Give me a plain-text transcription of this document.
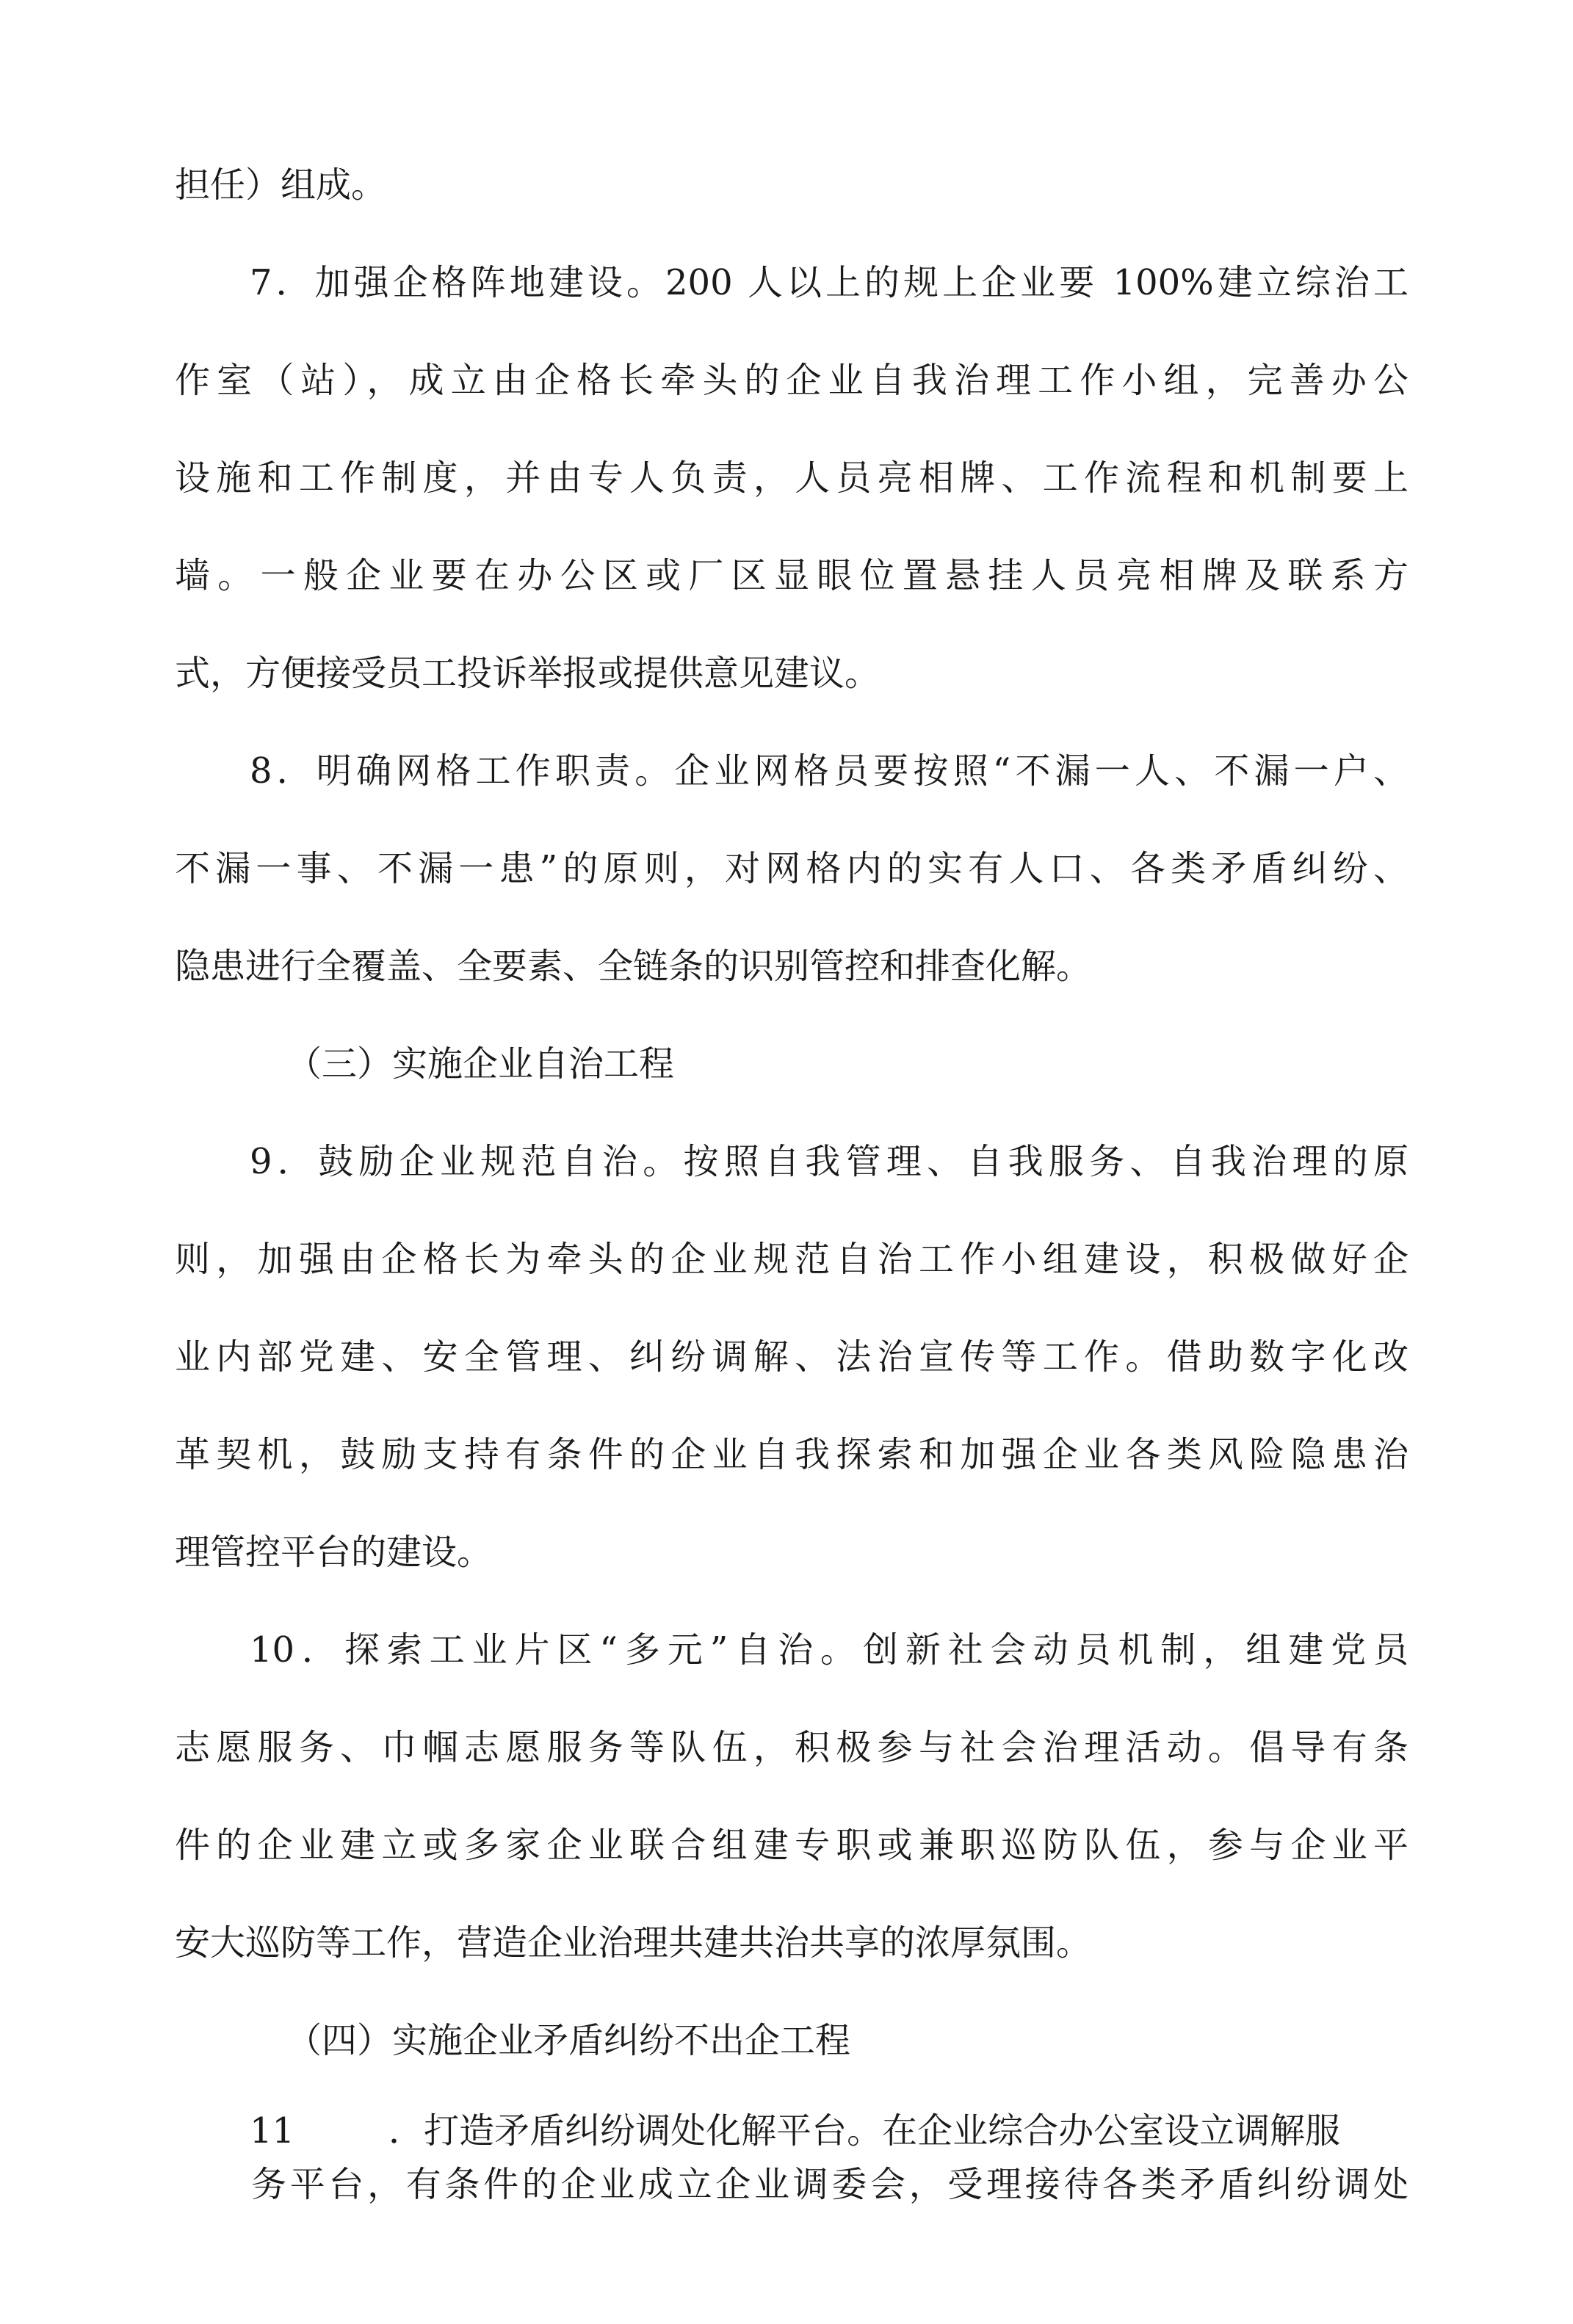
担任）组成。
7．加强企格阵地建设。200 人以上的规上企业要 100%建立综治工
作室（站），成立由企格长牵头的企业自我治理工作小组，完善办公
设施和工作制度，并由专人负责，人员亮相牌、工作流程和机制要上
墙。一般企业要在办公区或厂区显眼位置悬挂人员亮相牌及联系方
式，方便接受员工投诉举报或提供意见建议。
8．明确网格工作职责。企业网格员要按照“不漏一人、不漏一户、
不漏一事、不漏一患”的原则，对网格内的实有人口、各类矛盾纠纷、
隐患进行全覆盖、全要素、全链条的识别管控和排查化解。
（三）实施企业自治工程
9．鼓励企业规范自治。按照自我管理、自我服务、自我治理的原
则，加强由企格长为牵头的企业规范自治工作小组建设，积极做好企
业内部党建、安全管理、纠纷调解、法治宣传等工作。借助数字化改
革契机，鼓励支持有条件的企业自我探索和加强企业各类风险隐患治
理管控平台的建设。
10．探索工业片区“多元”自治。创新社会动员机制，组建党员
志愿服务、巾帼志愿服务等队伍，积极参与社会治理活动。倡导有条
件的企业建立或多家企业联合组建专职或兼职巡防队伍，参与企业平
安大巡防等工作，营造企业治理共建共治共享的浓厚氛围。
（四）实施企业矛盾纠纷不出企工程
11	．打造矛盾纠纷调处化解平台。在企业综合办公室设立调解服
务平台，有条件的企业成立企业调委会，受理接待各类矛盾纠纷调处
